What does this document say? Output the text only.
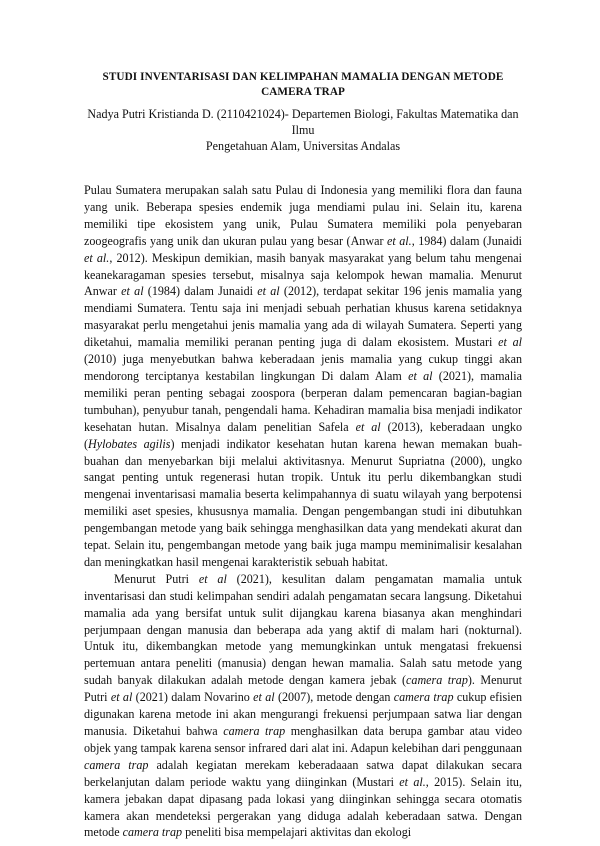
STUDI INVENTARISASI DAN KELIMPAHAN MAMALIA DENGAN METODE
CAMERA TRAP
Nadya Putri Kristianda D. (2110421024)- Departemen Biologi, Fakultas Matematika dan Ilmu
Pengetahuan Alam, Universitas Andalas

Pulau Sumatera merupakan salah satu Pulau di Indonesia yang memiliki flora dan fauna yang unik. Beberapa spesies endemik juga mendiami pulau ini. Selain itu, karena memiliki tipe ekosistem yang unik, Pulau Sumatera memiliki pola penyebaran zoogeografis yang unik dan ukuran pulau yang besar (Anwar et al., 1984) dalam (Junaidi et al., 2012). Meskipun demikian, masih banyak masyarakat yang belum tahu mengenai keanekaragaman spesies tersebut, misalnya saja kelompok hewan mamalia. Menurut Anwar et al (1984) dalam Junaidi et al (2012), terdapat sekitar 196 jenis mamalia yang mendiami Sumatera. Tentu saja ini menjadi sebuah perhatian khusus karena setidaknya masyarakat perlu mengetahui jenis mamalia yang ada di wilayah Sumatera. Seperti yang diketahui, mamalia memiliki peranan penting juga di dalam ekosistem. Mustari et al (2010) juga menyebutkan bahwa keberadaan jenis mamalia yang cukup tinggi akan mendorong terciptanya kestabilan lingkungan Di dalam Alam et al (2021), mamalia memiliki peran penting sebagai zoospora (berperan dalam pemencaran bagian-bagian tumbuhan), penyubur tanah, pengendali hama. Kehadiran mamalia bisa menjadi indikator kesehatan hutan. Misalnya dalam penelitian Safela et al (2013), keberadaan ungko (Hylobates agilis) menjadi indikator kesehatan hutan karena hewan memakan buah-buahan dan menyebarkan biji melalui aktivitasnya. Menurut Supriatna (2000), ungko sangat penting untuk regenerasi hutan tropik. Untuk itu perlu dikembangkan studi mengenai inventarisasi mamalia beserta kelimpahannya di suatu wilayah yang berpotensi memiliki aset spesies, khususnya mamalia. Dengan pengembangan studi ini dibutuhkan pengembangan metode yang baik sehingga menghasilkan data yang mendekati akurat dan tepat. Selain itu, pengembangan metode yang baik juga mampu meminimalisir kesalahan dan meningkatkan hasil mengenai karakteristik sebuah habitat.

Menurut Putri et al (2021), kesulitan dalam pengamatan mamalia untuk inventarisasi dan studi kelimpahan sendiri adalah pengamatan secara langsung. Diketahui mamalia ada yang bersifat untuk sulit dijangkau karena biasanya akan menghindari perjumpaan dengan manusia dan beberapa ada yang aktif di malam hari (nokturnal). Untuk itu, dikembangkan metode yang memungkinkan untuk mengatasi frekuensi pertemuan antara peneliti (manusia) dengan hewan mamalia. Salah satu metode yang sudah banyak dilakukan adalah metode dengan kamera jebak (camera trap). Menurut Putri et al (2021) dalam Novarino et al (2007), metode dengan camera trap cukup efisien digunakan karena metode ini akan mengurangi frekuensi perjumpaan satwa liar dengan manusia. Diketahui bahwa camera trap menghasilkan data berupa gambar atau video objek yang tampak karena sensor infrared dari alat ini. Adapun kelebihan dari penggunaan camera trap adalah kegiatan merekam keberadaaan satwa dapat dilakukan secara berkelanjutan dalam periode waktu yang diinginkan (Mustari et al., 2015). Selain itu, kamera jebakan dapat dipasang pada lokasi yang diinginkan sehingga secara otomatis kamera akan mendeteksi pergerakan yang diduga adalah keberadaan satwa. Dengan metode camera trap peneliti bisa mempelajari aktivitas dan ekologi
